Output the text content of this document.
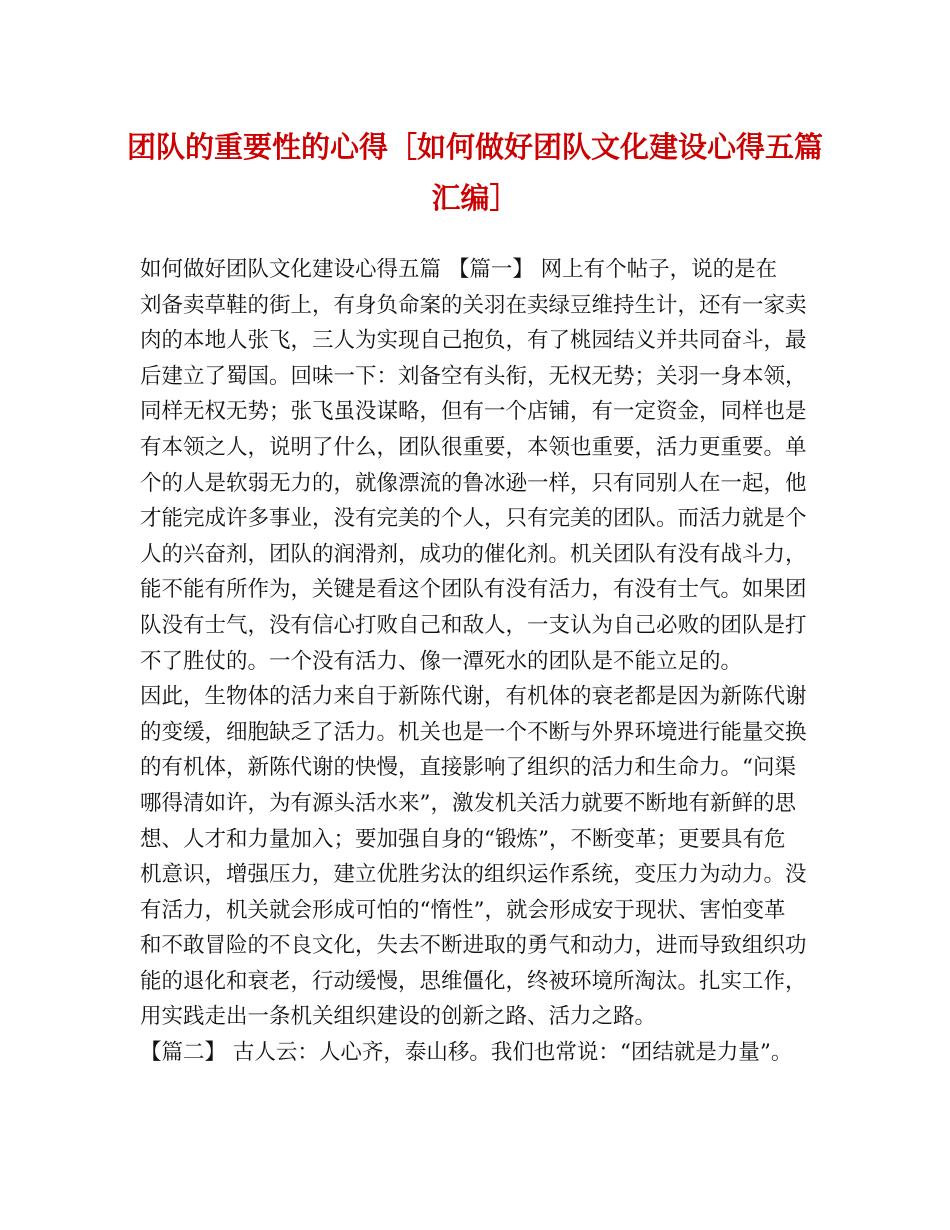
团队的重要性的心得［如何做好团队文化建设心得五篇
汇编］
如何做好团队文化建设心得五篇 【篇一】 网上有个帖子，说的是在
刘备卖草鞋的街上，有身负命案的关羽在卖绿豆维持生计，还有一家卖
肉的本地人张飞，三人为实现自己抱负，有了桃园结义并共同奋斗，最
后建立了蜀国。回味一下：刘备空有头衔，无权无势；关羽一身本领，
同样无权无势；张飞虽没谋略，但有一个店铺，有一定资金，同样也是
有本领之人，说明了什么，团队很重要，本领也重要，活力更重要。单
个的人是软弱无力的，就像漂流的鲁冰逊一样，只有同别人在一起，他
才能完成许多事业，没有完美的个人，只有完美的团队。而活力就是个
人的兴奋剂，团队的润滑剂，成功的催化剂。机关团队有没有战斗力，
能不能有所作为，关键是看这个团队有没有活力，有没有士气。如果团
队没有士气，没有信心打败自己和敌人，一支认为自己必败的团队是打
不了胜仗的。一个没有活力、像一潭死水的团队是不能立足的。
因此，生物体的活力来自于新陈代谢，有机体的衰老都是因为新陈代谢
的变缓，细胞缺乏了活力。机关也是一个不断与外界环境进行能量交换
的有机体，新陈代谢的快慢，直接影响了组织的活力和生命力。“问渠
哪得清如许，为有源头活水来”，激发机关活力就要不断地有新鲜的思
想、人才和力量加入；要加强自身的“锻炼”，不断变革；更要具有危
机意识，增强压力，建立优胜劣汰的组织运作系统，变压力为动力。没
有活力，机关就会形成可怕的“惰性”，就会形成安于现状、害怕变革
和不敢冒险的不良文化，失去不断进取的勇气和动力，进而导致组织功
能的退化和衰老，行动缓慢，思维僵化，终被环境所淘汰。扎实工作，
用实践走出一条机关组织建设的创新之路、活力之路。
【篇二】 古人云：人心齐，泰山移。我们也常说：“团结就是力量”。
